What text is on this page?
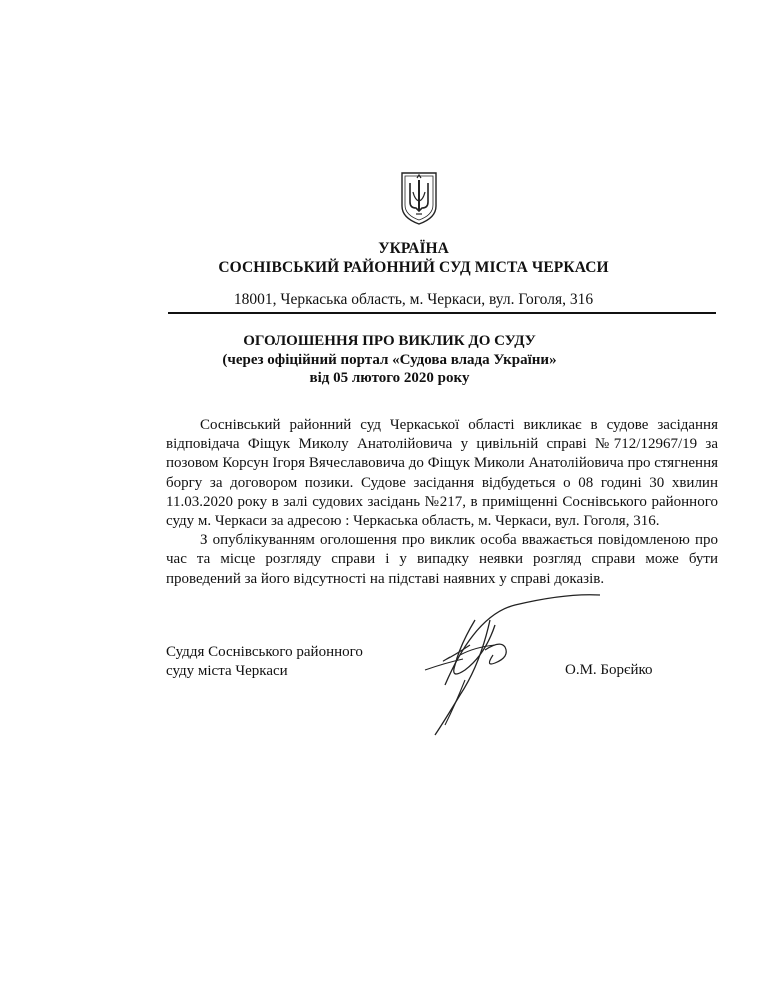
УКРАЇНА
СОСНІВСЬКИЙ РАЙОННИЙ СУД МІСТА ЧЕРКАСИ
18001, Черкаська область, м. Черкаси, вул. Гоголя, 316
ОГОЛОШЕННЯ ПРО ВИКЛИК ДО СУДУ
(через офіційний портал «Судова влада України»
від 05 лютого 2020 року

Соснівський районний суд Черкаської області викликає в судове засідання відповідача Фіщук Миколу Анатолійовича у цивільній справі №712/12967/19 за позовом Корсун Ігоря Вячеславовича до Фіщук Миколи Анатолійовича про стягнення боргу за договором позики. Судове засідання відбудеться о 08 годині 30 хвилин 11.03.2020 року в залі судових засідань №217, в приміщенні Соснівського районного суду м. Черкаси за адресою : Черкаська область, м. Черкаси, вул. Гоголя, 316.

З опублікуванням оголошення про виклик особа вважається повідомленою про час та місце розгляду справи і у випадку неявки розгляд справи може бути проведений за його відсутності на підставі наявних у справі доказів.

Суддя Соснівського районного
суду міста Черкаси	О.М. Борєйко
